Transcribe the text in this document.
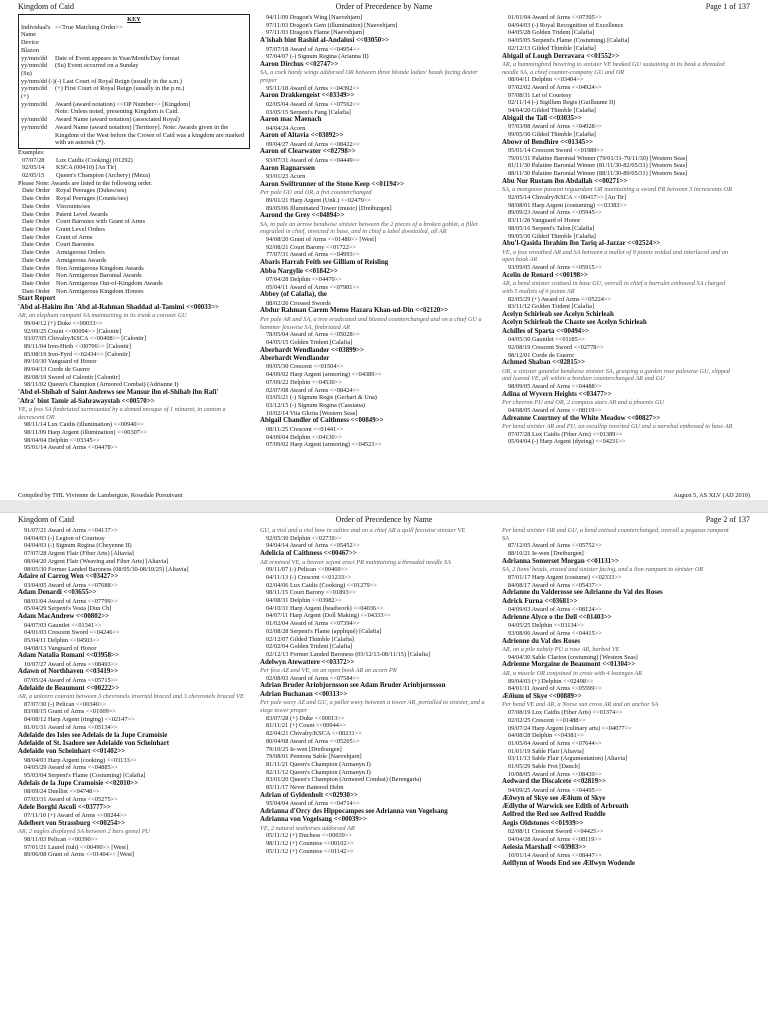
Kingdom of Caid	Order of Precedence by Name	Page 1 of 137
KEY
Individual's Name
<<True Matching Order>>
Device Blazon
yy/mm/dd	Date of Event appears in Year/Month/Day format
yy/mm/dd (Su)
(Su) Event occurred on a Sunday
yy/mm/dd (-) (-) Last Court of Royal Reign (usually in the a.m.)
yy/mm/dd (+)
(+) First Court of Royal Reign (usually in the p.m.)
yy/mm/dd	Award (award notation) <<OP Number>> [Kingdom]
Note: Unless noted, presenting Kingdom is Caid.
yy/mm/dd	Award Name (award notation) (associated Royal)
yy/mm/dd	Award Name (award notation) [Territory]. Note: Awards given in the Kingdom of the West before the Crown of Caid was a kingdom are marked with an asterisk (*).
Examples:
07/07/28	Lux Caidis (Cooking) (01292)
92/05/14	KSCA (00410) [An Tir]
02/05/15	Queen's Champion (Archery) (Meza)
Please Note: Awards are listed in the following order.
Date Order Royal Peerages (Dukes/ses)
Date Order Royal Peerages (Counts/ses)
Date Order Viscounts/ses
Date Order Patent Level Awards
Date Order Court Baronies with Grant of Arms
Date Order Grant Level Orders
Date Order Grant of Arms
Date Order Court Baronies
Date Order Armigerous Orders
Date Order Armigerous Awards
Date Order Non Armigerous Kingdom Awards
Date Order Non Armigerous Baronial Awards
Date Order Non Armigerous Out-of-Kingdom Awards
Date Order Non Armigerous Kingdom Honors
Start Report
'Abd al-Hakim ibn 'Abd al-Rahman Shaddad al-Tamimi <<00033>>
AR, an elephant rampant SA maintaining in its trunk a coronet GU
99/04/12 (+) Duke <<00033>>
92/09/25 Count <<00094>> [Calontir]
93/07/05 Chivalry/KSCA <<00408>> [Calontir]
89/11/04 Iren-Hirth <<00706>> [Calontir]
85/08/19 Iren-Fyrd <<02434>> [Calontir]
89/10/30 Vanguard of Honor
89/04/13 Corde de Guerre
89/08/19 Sword of Calontir [Calontir]
98/11/02 Queen's Champion (Armored Combat) (Adrianne I)
'Abd el-Shihab of Saint Andrews see Mansur ibn el-Shihab ibn Rafi'
'Afra' bint Tamir al-Sahrawaystah <<00570>>
VE, a fess SA fimbriated surmounted by a domed mosque of 1 minaret, in canton a decrescent OR
98/11/14 Lux Caidis (illumination) <<00940>>
98/11/09 Harp Argent (illumination) <<00307>>
98/04/04 Delphin <<03345>>
95/01/14 Award of Arms <<04478>>
94/11/09 Dragon's Wing [Naevehjarn]
97/11/03 Dragon's Gem (illumination) [Naevehjarn]
97/11/03 Dragon's Flame [Naevehjarn]
A'ishah bint Rashid al-Andalusi <<03050>>
97/07/18 Award of Arms <<04954>>
97/04/07 (-) Signum Regina (Arianna II)
Aaron Dirchus <<02747>>
SA, a cock hardy wings addorsed OR between three blonde ladies' heads facing dexter proper
95/11/18 Award of Arms <<04392>>
Aaron Drakkengeist <<03349>>
02/05/04 Award of Arms <<07562>>
03/05/15 Serpent's Fang [Calafia]
Aaron mac Maenach
04/04/24 Acorn
Aaron of Altavia <<03892>>
09/04/27 Award of Arms <<08422>>
Aaron of Clearwater <<02798>>
93/07/31 Award of Arms <<04449>>
Aaron Ragnarssen
93/01/23 Acorn
Aaron Swiftrunner of the Stone Keep <<01194>>
Per pale GU and OR, a fret counterchanged
89/01/21 Harp Argent (Unk.) <<02479>>
89/05/06 Illuminated Tower (music) [Dreiburgen]
Aarond the Grey <<04894>>
SA, in pale an arrow bendwise sinister between the 2 pieces of a broken goblet, a fillet engrailed in chief, invected in base, and in chief a label dovetailed, all AR
94/08/20 Grant of Arms <<01480>> [West]
92/08/21 Court Barony <<01722>>
77/07/31 Award of Arms <<04993>>
Abaris Harrah Feith see Gilliam of Reisling
Abba Nargylie <<01842>>
07/04/28 Delphin <<04470>>
05/04/11 Award of Arms <<07981>>
Abbey (of Calafia), the
88/02/26 Crossed Swords
Abdur Rahman Carem Memo Hazara Khan-ud-Din <<02120>>
Per pale AR and SA, a tree eradicated and blasted counterchanged and on a chief GU a hammer fesswise SA, fimbriated AR
78/05/04 Award of Arms <<05028>>
04/05/15 Golden Trident [Calafia]
Aberhardt Wendlander <<03899>>
Aberhardt Wendlander
09/05/30 Crescent <<01504>>
04/09/02 Harp Argent (armoring) <<04389>>
07/09/22 Delphin <<04530>>
02/07/08 Award of Arms <<08424>>
03/05/21 (-) Signum Regis (Gerhart & Una)
03/12/15 (-) Signum Regina (Cassiana)
10/02/14 Vita Gloria [Western Seas]
Abigail Chandler of Caithness <<00849>>
08/11/25 Crescent <<01441>>
04/09/04 Delphin <<04130>>
07/09/02 Harp Argent (armoring) <<04523>>
01/01/04 Award of Arms <<07395>>
04/04/03 (-) Royal Recognition of Excellence
04/05/28 Golden Trident [Calafia]
04/05/05 Serpent's Flame (Costuming) [Calafia]
02/12/13 Gilded Thimble [Calafia]
Abigail of Lough Derravara <<01552>>
AR, a hummingbird hovering to sinister VE beaked GU sustaining in its beak a threaded needle SA, a chief counter-company GU and OR
08/04/11 Delphin <<03404>>
97/02/02 Award of Arms <<04924>>
97/08/31 Lei of Courtesy
02/11/14 (-) Sigillum Regis (Guillaume II)
94/04/20 Gilded Thimble [Calafia]
Abigail the Tall <<03035>>
97/03/08 Award of Arms <<04928>>
99/05/30 Gilded Thimble [Calafia]
Abowr of Bendhire <<01345>>
95/01/14 Crescent Sword <<01989>>
79/01/31 Palatine Baronial Winner (79/01/31-79/11/30) [Western Seas]
81/11/30 Palatine Baronial Winner (81/11/30-82/05/31) [Western Seas]
88/11/30 Palatine Baronial Winner (88/11/30-89/05/31) [Western Seas]
Abu Nur Rustam ibn Abdallah <<00271>>
SA, a mongoose passant reguardant OR maintaining a sword PR between 3 increscents OR
92/05/14 Chivalry/KSCA <<00417>> [An Tir]
98/08/01 Harp Argent (costuming) <<03383>>
89/09/23 Award of Arms <<05945>>
83/11/28 Vanguard of Honor
98/05/16 Serpent's Talon [Calafia]
99/05/30 Gilded Thimble [Calafia]
Abu'l-Qasida Ibrahim ibn Tariq al-Jazzar <<02524>>
VE, a fess wreathed AR and SA between a mullet of 9 points voided and interlaced and an open book AR
93/09/05 Award of Arms <<05915>>
Acelin de Renard <<00198>>
AR, a bend sinister cottised in base GU, overall in chief a barrulet embowed SA charged with 5 mullets of 6 points AR
82/05/29 (+) Award of Arms <<05224>>
83/11/12 Golden Trident [Calafia]
Acelyn Schirleah see Acelyn Schirleah
Acelyn Schirleah the Chaste see Acelyn Schirleah
Achilles of Sparta <<00494>>
04/05/30 Gauntlet <<01185>>
92/08/19 Crescent Sword <<02778>>
98/12/01 Corde de Guerre
Achmed Shaban <<02815>>
OR, a sinister gauntlet bendwise sinister SA, grasping a garden rose palewise GU, slipped and leaved VE, all within a bordure counterchanged AR and GU
98/09/05 Award of Arms <<04488>>
Adina of Wyvern Heights <<03477>>
Per chevron PU and OR, 2 compass stars AR and a phoenix GU
04/08/05 Award of Arms <<08119>>
Adreanne Courtney of the White Meadow <<00827>>
Per bend sinister AR and PU, an escallop inverted GU and a narwhal embowed to base AR
07/07/28 Lux Caidis (Fiber Arts) <<01389>>
05/04/04 (-) Harp Argent (dyeing) <<04231>>
Compiled by THL Vivienne de Lamberguie, Rosedale Pursuivant	August 5, AS XLV (AD 2010)
Kingdom of Caid	Order of Precedence by Name	Page 2 of 137
91/07/21 Award of Arms <<04137>>
04/04/03 (-) Legion of Courtesy
04/04/03 (-) Signum Regina (Cheyenne II)
07/07/28 Argent Flair (Fiber Arts) [Altavia]
08/04/20 Argent Flair (Weaving and Fiber Arts) [Altavia]
08/05/30 Former Landed Baroness (08/05/30-08/10/25) [Altavia]
Adaire of Carrog Wen <<03427>>
03/04/05 Award of Arms <<07688>>
Adam Denardi <<03655>>
08/01/04 Award of Arms <<07799>>
05/04/29 Serpent's Vesta [Dun Ch]
Adam MacAndrew <<00802>>
04/07/03 Gauntlet <<01341>>
04/01/03 Crescent Sword <<04246>>
05/04/11 Delphin <<04503>>
04/08/13 Vanguard of Honor
Adam Natalia Romani <<03958>>
10/07/27 Award of Arms <<08493>>
Adawn of Northhaven <<03419>>
07/05/24 Award of Arms <<05715>>
Adelaide de Beaumont <<00222>>
AR, a unicorn courant between 3 chevronels inverted braced and 3 chevronels braced VE
87/07/30 (-) Pelican <<00340>>
83/08/15 Grant of Arms <<01009>>
84/08/12 Harp Argent (ringing) <<02147>>
81/01/31 Award of Arms <<05134>>
Adelaide des Isles see Adelais de la Jupe Cramoisie
Adelaide of St. Isadore see Adelaide von Scheinhart
Adelaide von Scheinhart <<01402>>
98/04/03 Harp Argent (cooking) <<03133>>
04/05/29 Award of Arms <<04885>>
95/03/04 Serpent's Flame (Costuming) [Calafia]
Adelais de la Jupe Cramoisie <<02010>>
08/09/24 Duellist <<04748>>
07/03/31 Award of Arms <<05275>>
Adele Borghi Ascoli <<03777>>
07/11/10 (+) Award of Arms <<08244>>
Adelbert von Strassburg <<00254>>
AR, 2 eagles displayed SA between 2 bars gemel PU
98/11/03 Pelican <<00390>>
97/01/21 Laurel (tuh) <<00490>> [West]
89/06/08 Grant of Arms <<01404>> [West]
GU, a viol and a viol bow in saltire and on a chief AR a quill fesswise sinister VE
92/05/30 Delphin <<02739>>
94/04/14 Award of Arms <<05452>>
Adelicia of Caithness <<00467>>
AR ermined VE, a beaver sejant erect PR maintaining a threaded needle SA
09/11/07 (-) Pelican <<00469>>
04/11/13 (-) Crescent <<01233>>
02/04/06 Lux Caidis (Cooking) <<01279>>
98/11/15 Court Barony <<01893>>
04/08/31 Delphin <<03982>>
04/10/31 Harp Argent (beadwork) <<04036>>
04/07/11 Harp Argent (Doll Making) <<04333>>
01/02/04 Award of Arms <<07394>>
02/08/28 Serpent's Flame (appliqué) [Calafia]
02/12/07 Gilded Thimble [Calafia]
02/02/04 Golden Trident [Calafia]
02/12/13 Former Landed Baroness (03/12/13-08/11/15) [Calafia]
Adelwyn Atewattere <<03372>>
Per fess AZ and VE, on an open book AR an acorn PR
02/08/03 Award of Arms <<07584>>
Adrian Bruder Arinbjornsson see Adam Bruder Arinbjornsson
Adrian Buchanan <<00313>>
Per pale wavy AZ and GU, a pallet wavy between a tower AR, portalled to sinister, and a siege tower proper
83/07/28 (+) Duke <<00013>>
81/11/21 (+) Count <<00044>>
82/04/21 Chivalry/KSCA <<00231>>
80/04/08 Award of Arms <<05205>>
79/10/25 Ie-wen [Dreiburgen]
79/08/01 Pennons Sable [Naevehjarn]
81/11/21 Queen's Champion (Armanyn I)
82/11/12 Queen's Champion (Armanyn I)
83/01/20 Queen's Champion (Armored Combat) (Berengaria)
85/11/17 Never Battered Helm
Adrian of Gyldenholt <<02930>>
95/04/04 Award of Arms <<04714>>
Adrianna d'Orcy des Hippocampes see Adrianna von Vogelsang
Adrianna von Vogelsang <<00039>>
VE, 2 natural seahorses addorsed AR
05/11/12 (+) Duchess <<00039>>
98/11/12 (+) Countess <<00102>>
05/11/12 (+) Countess <<01142>>
Per bend sinister OR and GU, a bend cotised counterchanged, overall a pegasus rampant SA
87/12/05 Award of Arms <<05752>>
88/10/21 Ie-wen [Dreiburgen]
Adrianna Somerset Morgan <<01131>>
SA, 2 lions' heads, erased and sinister facing, and a lion rampant to sinister OR
87/01/17 Harp Argent (costume) <<02333>>
84/08/17 Award of Arms <<05437>>
Adrianne du Valderosse see Adrianne du Val des Roses
Adrick Furna <<03681>>
04/09/03 Award of Arms <<08124>>
Adrienne Alyce o the Dell <<01403>>
94/05/25 Delphin <<03134>>
93/08/06 Award of Arms <<04415>>
Adrienne du Val des Roses
AR, on a pile nebuly PU a rose AR, barbed VE
94/04/30 Sable Clarion (costuming) [Western Seas]
Adrienne Morgaine de Beaumont <<01304>>
AR, a muscle OR conjoined in cross with 4 lozenges AR
89/04/03 (+) Delphin <<02498>>
84/01/11 Award of Arms <<05599>>
Æðium of Skye <<00889>>
Per bend VE and AR, a Norse sun cross AR and an anchor SA
07/08/19 Lux Caidis (Fiber Arts) <<01374>>
02/02/25 Crescent <<01488>>
09/07/24 Harp Argent (culinary arts) <<04077>>
04/08/28 Delphin <<04381>>
01/05/04 Award of Arms <<07644>>
01/01/19 Sable Flair [Altavia]
03/11/13 Sable Flair (Argumentation) [Altavia]
01/05/29 Sable Fret [Danch]
10/08/05 Award of Arms <<08439>>
Aedward the Discalcete <<02819>>
94/09/25 Award of Arms <<04495>>
Æðwyn of Skye see Æðium of Skye
Ædlythe of Warwick see Edith of Arbroath
Aelfred the Red see Aelfred Ruddle
Aegis Oldstones <<01939>>
02/08/11 Crescent Sword <<04425>>
04/04/28 Award of Arms <<08119>>
Aelesia Marshall <<03983>>
10/01/14 Award of Arms <<08447>>
Aelflynn of Woods End see Ælfwyn Wodende
